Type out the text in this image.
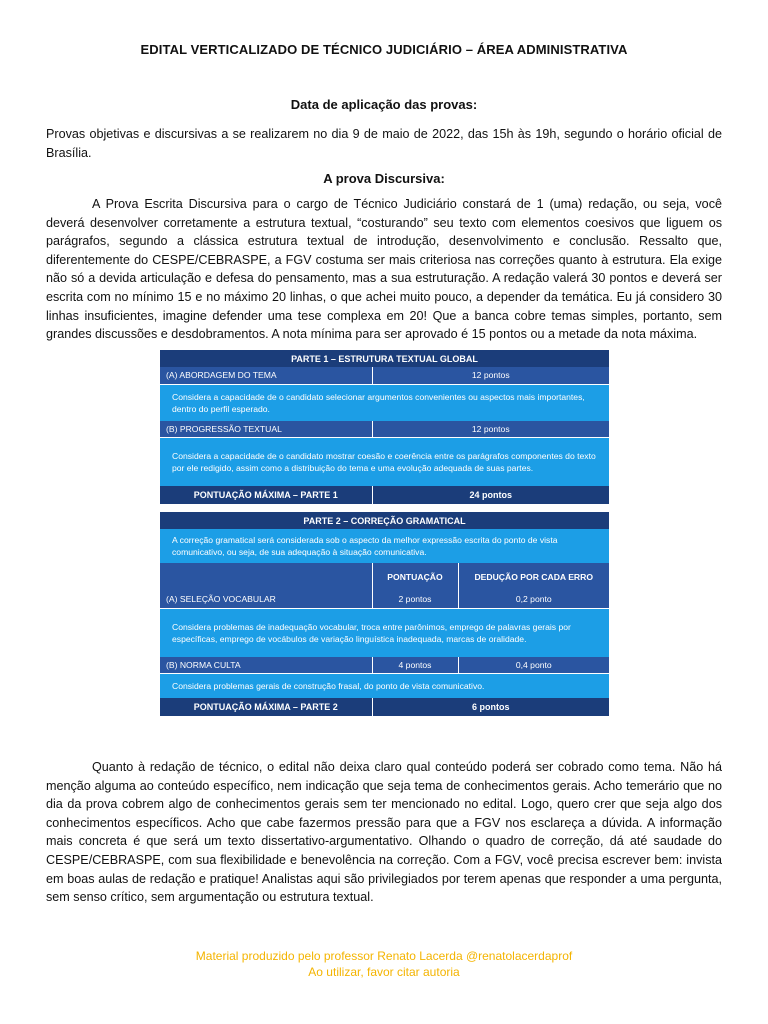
EDITAL VERTICALIZADO DE TÉCNICO JUDICIÁRIO – ÁREA ADMINISTRATIVA
Data de aplicação das provas:
Provas objetivas e discursivas a se realizarem no dia 9 de maio de 2022, das 15h às 19h, segundo o horário oficial de Brasília.
A prova Discursiva:
A Prova Escrita Discursiva para o cargo de Técnico Judiciário constará de 1 (uma) redação, ou seja, você deverá desenvolver corretamente a estrutura textual, “costurando” seu texto com elementos coesivos que liguem os parágrafos, segundo a clássica estrutura textual de introdução, desenvolvimento e conclusão. Ressalto que, diferentemente do CESPE/CEBRASPE, a FGV costuma ser mais criteriosa nas correções quanto à estrutura. Ela exige não só a devida articulação e defesa do pensamento, mas a sua estruturação. A redação valerá 30 pontos e deverá ser escrita com no mínimo 15 e no máximo 20 linhas, o que achei muito pouco, a depender da temática. Eu já considero 30 linhas insuficientes, imagine defender uma tese complexa em 20! Que a banca cobre temas simples, portanto, sem grandes discussões e desdobramentos. A nota mínima para ser aprovado é 15 pontos ou a metade da nota máxima.
PARTE 1 – ESTRUTURA TEXTUAL GLOBAL	
(A) ABORDAGEM DO TEMA	12 pontos
Considera a capacidade de o candidato selecionar argumentos convenientes ou aspectos mais importantes, dentro do perfil esperado.	
(B) PROGRESSÃO TEXTUAL	12 pontos
Considera a capacidade de o candidato mostrar coesão e coerência entre os parágrafos componentes do texto por ele redigido, assim como a distribuição do tema e uma evolução adequada de suas partes.	
PONTUAÇÃO MÁXIMA – PARTE 1	24 pontos
PARTE 2 – CORREÇÃO GRAMATICAL		
A correção gramatical será considerada sob o aspecto da melhor expressão escrita do ponto de vista comunicativo, ou seja, de sua adequação à situação comunicativa.		
	PONTUAÇÃO	DEDUÇÃO POR CADA ERRO
(A) SELEÇÃO VOCABULAR	2 pontos	0,2 ponto
Considera problemas de inadequação vocabular, troca entre parônimos, emprego de palavras gerais por específicas, emprego de vocábulos de variação linguística inadequada, marcas de oralidade.		
(B) NORMA CULTA	4 pontos	0,4 ponto
Considera problemas gerais de construção frasal, do ponto de vista comunicativo.		
PONTUAÇÃO MÁXIMA – PARTE 2	6 pontos	
Quanto à redação de técnico, o edital não deixa claro qual conteúdo poderá ser cobrado como tema. Não há menção alguma ao conteúdo específico, nem indicação que seja tema de conhecimentos gerais. Acho temerário que no dia da prova cobrem algo de conhecimentos gerais sem ter mencionado no edital. Logo, quero crer que seja algo dos conhecimentos específicos. Acho que cabe fazermos pressão para que a FGV nos esclareça a dúvida. A informação mais concreta é que será um texto dissertativo-argumentativo. Olhando o quadro de correção, dá até saudade do CESPE/CEBRASPE, com sua flexibilidade e benevolência na correção. Com a FGV, você precisa escrever bem: invista em boas aulas de redação e pratique! Analistas aqui são privilegiados por terem apenas que responder a uma pergunta, sem senso crítico, sem argumentação ou estrutura textual.
Material produzido pelo professor Renato Lacerda @renatolacerdaprof
Ao utilizar, favor citar autoria
